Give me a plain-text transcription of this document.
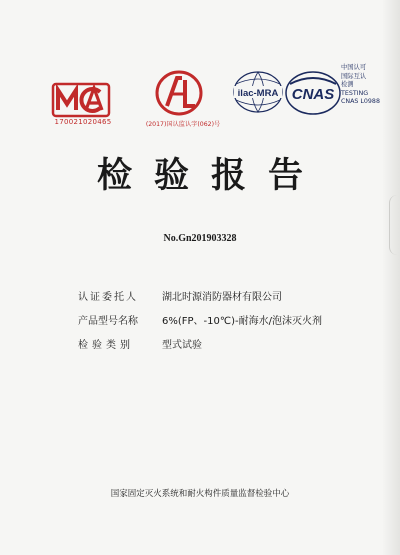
170021020465	(2017)国认监认字(062)号
ilac-MRA CNAS
中国认可
国际互认
检测
TESTING
CNAS L0988
检验报告
No.Gn201903328
认证委托人	湖北时源消防器材有限公司
产品型号名称	6%(FP、-10℃)-耐海水/泡沫灭火剂
检验类别	型式试验
国家固定灭火系统和耐火构件质量监督检验中心
